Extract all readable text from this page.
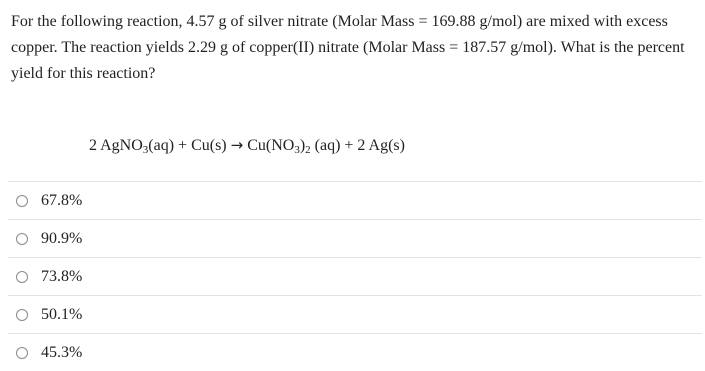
For the following reaction, 4.57 g of silver nitrate (Molar Mass = 169.88 g/mol) are mixed with excess copper. The reaction yields 2.29 g of copper(II) nitrate (Molar Mass = 187.57 g/mol). What is the percent yield for this reaction?
2 AgNO$_3$(aq) + $Cu(s) \to Cu(NO_3)_2$ (aq) + 2 Ag(s)
67.8%
90.9%
73.8%
50.1%
45.3%
